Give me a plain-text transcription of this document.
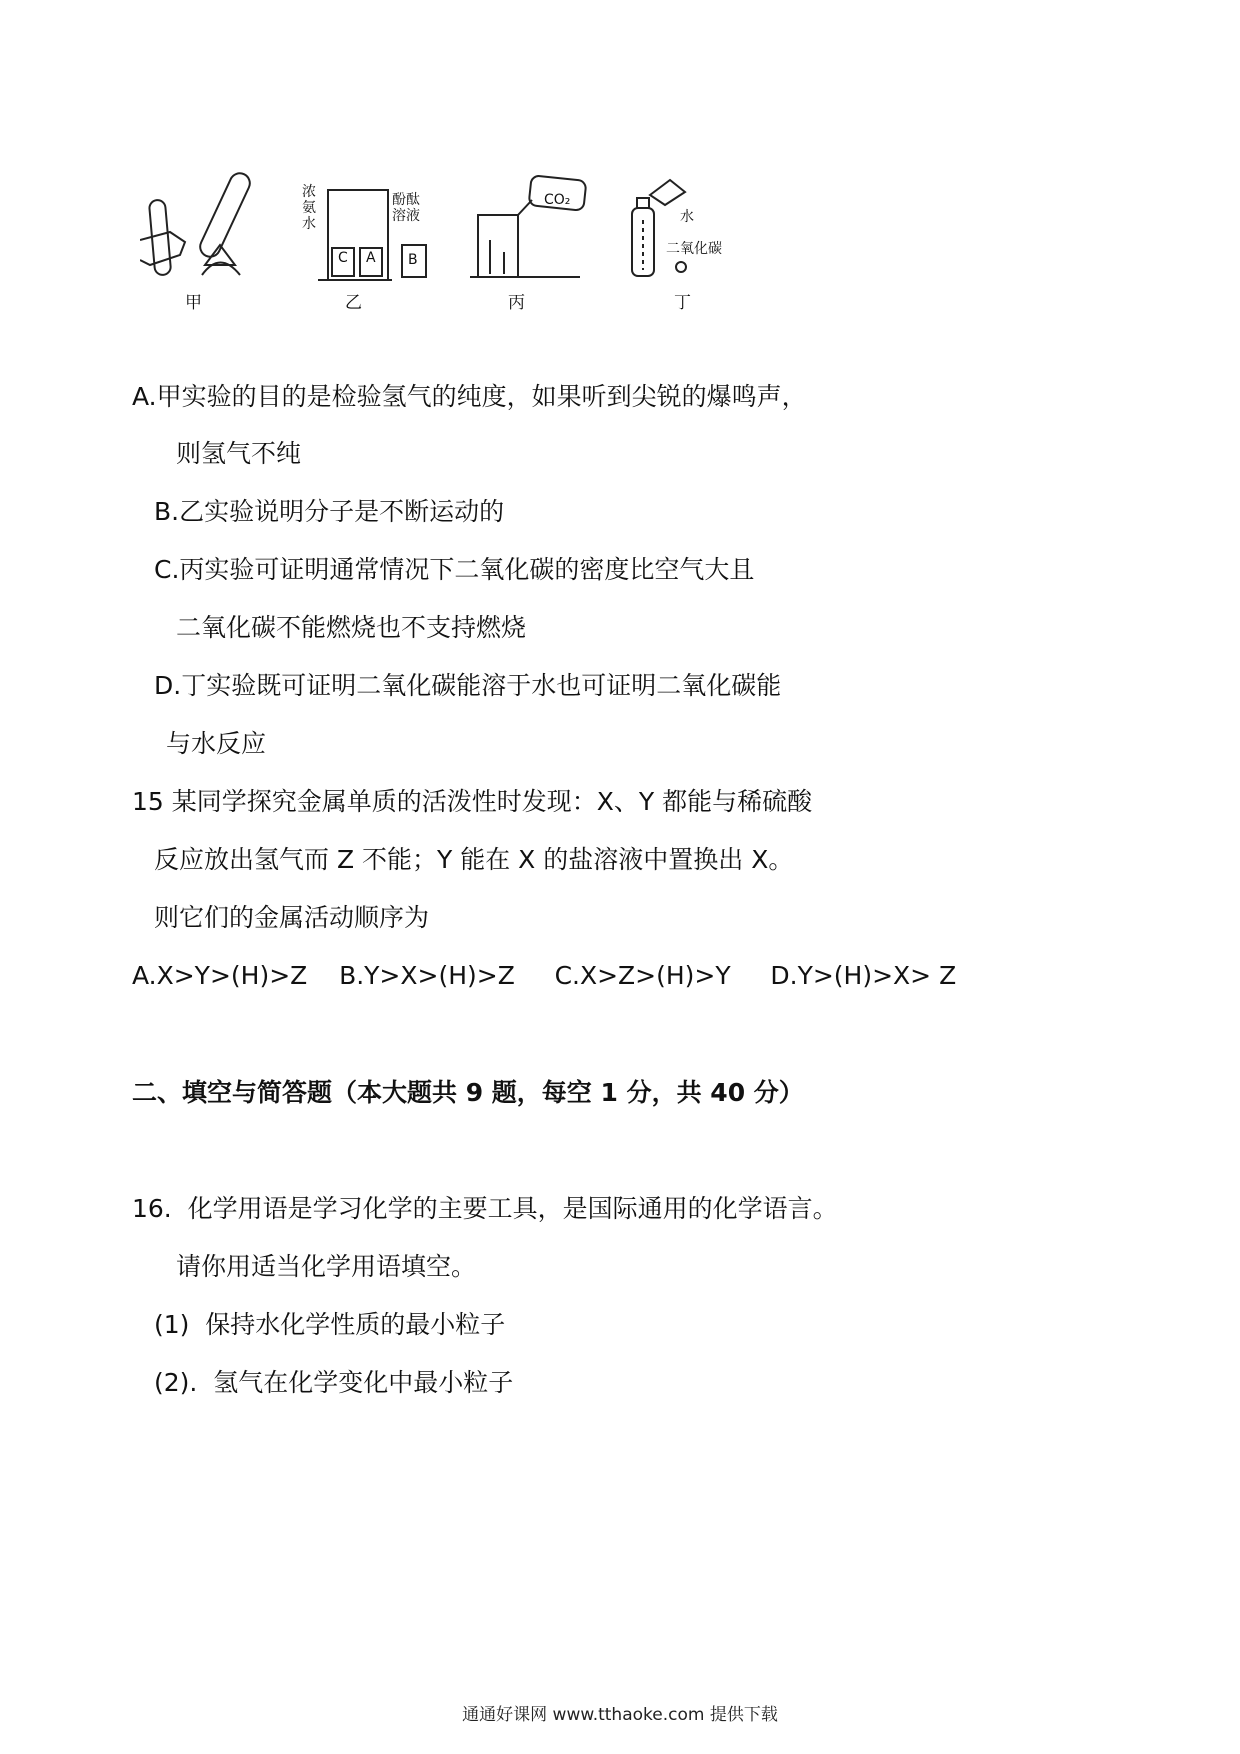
浓氨水
酚酞溶液
C A B
CO₂
水
二氧化碳
甲	乙	丙	丁
A.甲实验的目的是检验氢气的纯度，如果听到尖锐的爆鸣声，
则氢气不纯
B.乙实验说明分子是不断运动的
C.丙实验可证明通常情况下二氧化碳的密度比空气大且
二氧化碳不能燃烧也不支持燃烧
D.丁实验既可证明二氧化碳能溶于水也可证明二氧化碳能
与水反应
15 某同学探究金属单质的活泼性时发现：X、Y 都能与稀硫酸
反应放出氢气而 Z 不能；Y 能在 X 的盐溶液中置换出 X。
则它们的金属活动顺序为
A.X>Y>(H)>Z    B.Y>X>(H)>Z     C.X>Z>(H)>Y     D.Y>(H)>X> Z
二、填空与简答题（本大题共 9 题，每空 1 分，共 40 分）
16.  化学用语是学习化学的主要工具，是国际通用的化学语言。
请你用适当化学用语填空。
(1)  保持水化学性质的最小粒子
(2).  氢气在化学变化中最小粒子
通通好课网 www.tthaoke.com 提供下载
